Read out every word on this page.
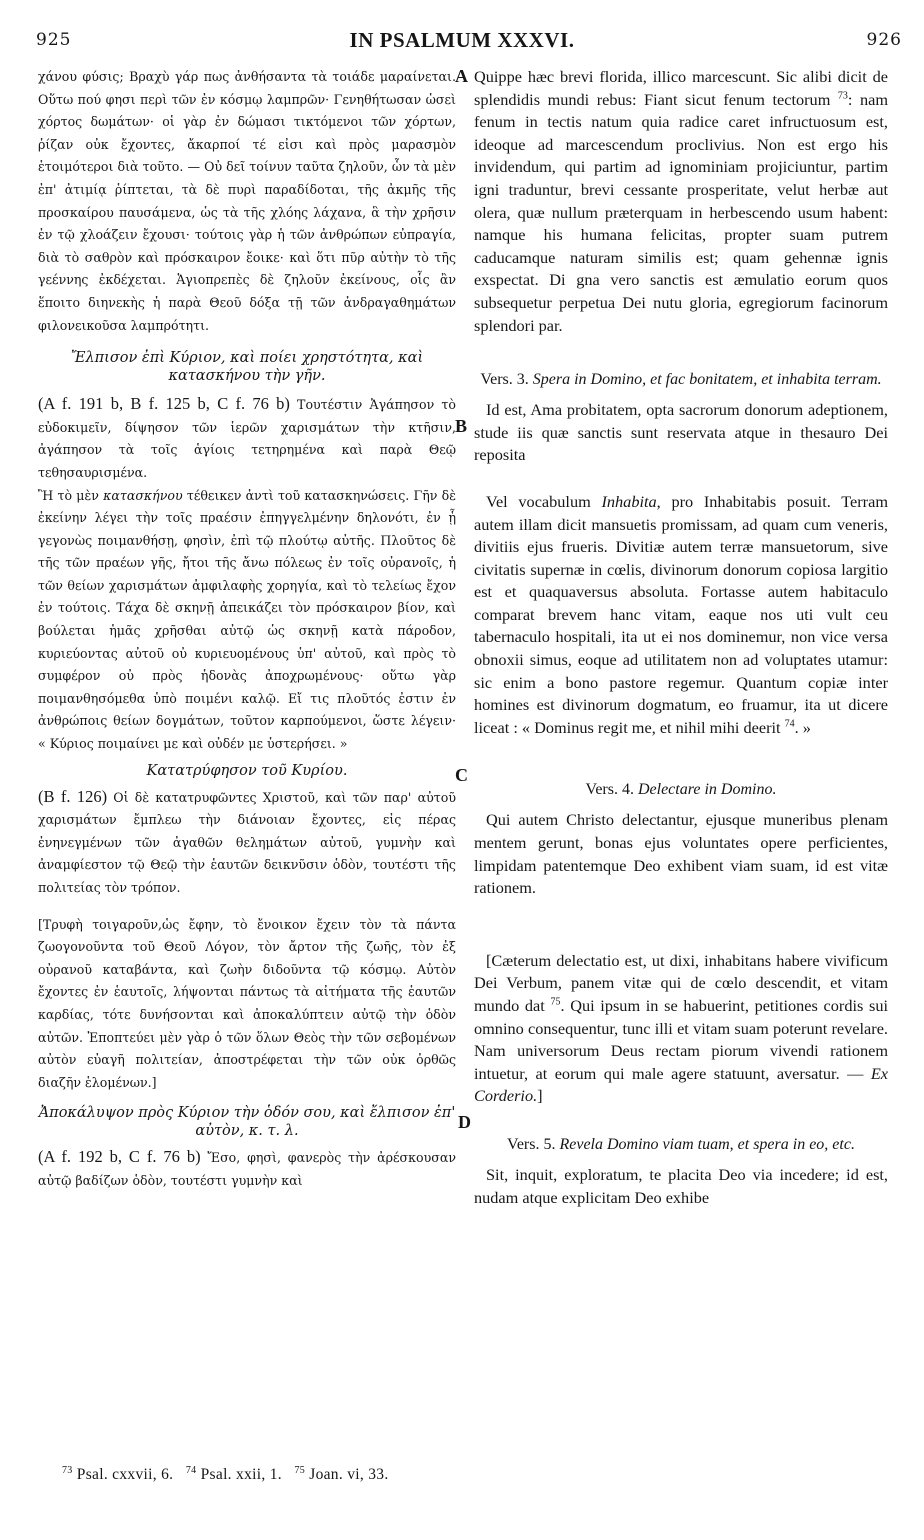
925	IN PSALMUM XXXVI.	926
A
B
C
D

χάνου φύσις; Βραχὺ γάρ πως ἀνθήσαντα τὰ τοιάδε μαραίνεται. Οὕτω πού φησι περὶ τῶν ἐν κόσμῳ λαμπρῶν· Γενηθήτωσαν ὡσεὶ χόρτος δωμάτων· οἱ γὰρ ἐν δώμασι τικτόμενοι τῶν χόρτων, ῥίζαν οὐκ ἔχοντες, ἄκαρποί τέ εἰσι καὶ πρὸς μαρασμὸν ἑτοιμότεροι διὰ τοῦτο. — Οὐ δεῖ τοίνυν ταῦτα ζηλοῦν, ὧν τὰ μὲν ἐπ' ἀτιμίᾳ ῥίπτεται, τὰ δὲ πυρὶ παραδίδοται, τῆς ἀκμῆς τῆς προσκαίρου παυσάμενα, ὡς τὰ τῆς χλόης λάχανα, ἃ τὴν χρῆσιν ἐν τῷ χλοάζειν ἔχουσι· τούτοις γὰρ ἡ τῶν ἀνθρώπων εὐπραγία, διὰ τὸ σαθρὸν καὶ πρόσκαιρον ἔοικε· καὶ ὅτι πῦρ αὐτὴν τὸ τῆς γεέννης ἐκδέχεται. Ἁγιοπρεπὲς δὲ ζηλοῦν ἐκείνους, οἷς ἂν ἕποιτο διηνεκὴς ἡ παρὰ Θεοῦ δόξα τῇ τῶν ἀνδραγαθημάτων φιλονεικοῦσα λαμπρότητι.

Ἔλπισον ἐπὶ Κύριον, καὶ ποίει χρηστότητα, καὶ κατασκήνου τὴν γῆν.

(A f. 191 b, B f. 125 b, C f. 76 b) Τουτέστιν Ἀγάπησον τὸ εὐδοκιμεῖν, δίψησον τῶν ἱερῶν χαρισμάτων τὴν κτῆσιν, ἀγάπησον τὰ τοῖς ἁγίοις τετηρημένα καὶ παρὰ Θεῷ τεθησαυρισμένα.

Ἢ τὸ μὲν κατασκήνου τέθεικεν ἀντὶ τοῦ κατασκηνώσεις. Γῆν δὲ ἐκείνην λέγει τὴν τοῖς πραέσιν ἐπηγγελμένην δηλονότι, ἐν ᾗ γεγονὼς ποιμανθήσῃ, φησὶν, ἐπὶ τῷ πλούτῳ αὐτῆς. Πλοῦτος δὲ τῆς τῶν πραέων γῆς, ἤτοι τῆς ἄνω πόλεως ἐν τοῖς οὐρανοῖς, ἡ τῶν θείων χαρισμάτων ἀμφιλαφὴς χορηγία, καὶ τὸ τελείως ἔχον ἐν τούτοις. Τάχα δὲ σκηνῇ ἀπεικάζει τὸν πρόσκαιρον βίον, καὶ βούλεται ἡμᾶς χρῆσθαι αὐτῷ ὡς σκηνῇ κατὰ πάροδον, κυριεύοντας αὐτοῦ οὐ κυριευομένους ὑπ' αὐτοῦ, καὶ πρὸς τὸ συμφέρον οὐ πρὸς ἡδονὰς ἀποχρωμένους· οὕτω γὰρ ποιμανθησόμεθα ὑπὸ ποιμένι καλῷ. Εἴ τις πλοῦτός ἐστιν ἐν ἀνθρώποις θείων δογμάτων, τοῦτον καρπούμενοι, ὥστε λέγειν· « Κύριος ποιμαίνει με καὶ οὐδέν με ὑστερήσει. »

Κατατρύφησον τοῦ Κυρίου.

(B f. 126) Οἱ δὲ κατατρυφῶντες Χριστοῦ, καὶ τῶν παρ' αὐτοῦ χαρισμάτων ἔμπλεω τὴν διάνοιαν ἔχοντες, εἰς πέρας ἐνηνεγμένων τῶν ἀγαθῶν θελημάτων αὐτοῦ, γυμνὴν καὶ ἀναμφίεστον τῷ Θεῷ τὴν ἑαυτῶν δεικνῦσιν ὁδὸν, τουτέστι τῆς πολιτείας τὸν τρόπον.

[Τρυφὴ τοιγαροῦν,ὡς ἔφην, τὸ ἔνοικον ἔχειν τὸν τὰ πάντα ζωογονοῦντα τοῦ Θεοῦ Λόγον, τὸν ἄρτον τῆς ζωῆς, τὸν ἐξ οὐρανοῦ καταβάντα, καὶ ζωὴν διδοῦντα τῷ κόσμῳ. Αὐτὸν ἔχοντες ἐν ἑαυτοῖς, λήψονται πάντως τὰ αἰτήματα τῆς ἑαυτῶν καρδίας, τότε δυνήσονται καὶ ἀποκαλύπτειν αὐτῷ τὴν ὁδὸν αὐτῶν. Ἐποπτεύει μὲν γὰρ ὁ τῶν ὅλων Θεὸς τὴν τῶν σεβομένων αὐτὸν εὐαγῆ πολιτείαν, ἀποστρέφεται τὴν τῶν οὐκ ὀρθῶς διαζῆν ἑλομένων.]

Ἀποκάλυψον πρὸς Κύριον τὴν ὁδόν σου, καὶ ἔλπισον ἐπ' αὐτὸν, κ. τ. λ.

(A f. 192 b, C f. 76 b) Ἔσο, φησὶ, φανερὸς τὴν ἀρέσκουσαν αὐτῷ βαδίζων ὁδὸν, τουτέστι γυμνὴν καὶ

Quippe hæc brevi florida, illico marcescunt. Sic alibi dicit de splendidis mundi rebus: Fiant sicut fenum tectorum $^{73}$: nam fenum in tectis natum quia radice caret infructuosum est, ideoque ad marcescendum proclivius. Non est ergo his invidendum, qui partim ad ignominiam projiciuntur, partim igni traduntur, brevi cessante prosperitate, velut herbæ aut olera, quæ nullum præterquam in herbescendo usum habent: namque his humana felicitas, propter suam putrem caducamque naturam similis est; quam gehennæ ignis exspectat. Di gna vero sanctis est æmulatio eorum quos subsequetur perpetua Dei nutu gloria, egregiorum facinorum splendori par.

Vers. 3. Spera in Domino, et fac bonitatem, et inhabita terram.

Id est, Ama probitatem, opta sacrorum donorum adeptionem, stude iis quæ sanctis sunt reservata atque in thesauro Dei reposita

Vel vocabulum Inhabita, pro Inhabitabis posuit. Terram autem illam dicit mansuetis promissam, ad quam cum veneris, divitiis ejus frueris. Divitiæ autem terræ mansuetorum, sive civitatis supernæ in cœlis, divinorum donorum copiosa largitio est et quaquaversus absoluta. Fortasse autem habitaculo comparat brevem hanc vitam, eaque nos uti vult ceu tabernaculo hospitali, ita ut ei nos dominemur, non vice versa obnoxii simus, eoque ad utilitatem non ad voluptates utamur: sic enim a bono pastore regemur. Quantum copiæ inter homines est divinorum dogmatum, eo fruamur, ita ut dicere liceat : « Dominus regit me, et nihil mihi deerit $^{74}$. »

Vers. 4. Delectare in Domino.

Qui autem Christo delectantur, ejusque muneribus plenam mentem gerunt, bonas ejus voluntates opere perficientes, limpidam patentemque Deo exhibent viam suam, id est vitæ rationem.

[Cæterum delectatio est, ut dixi, inhabitans habere vivificum Dei Verbum, panem vitæ qui de cœlo descendit, et vitam mundo dat $^{75}$. Qui ipsum in se habuerint, petitiones cordis sui omnino consequentur, tunc illi et vitam suam poterunt revelare. Nam universorum Deus rectam piorum vivendi rationem intuetur, at eorum qui male agere statuunt, aversatur. — Ex Corderio.]

Vers. 5. Revela Domino viam tuam, et spera in eo, etc.

Sit, inquit, exploratum, te placita Deo via incedere; id est, nudam atque explicitam Deo exhibe

$^{73}$ Psal. cxxvii, 6. $^{74}$ Psal. xxii, 1. $^{75}$ Joan. vi, 33.
